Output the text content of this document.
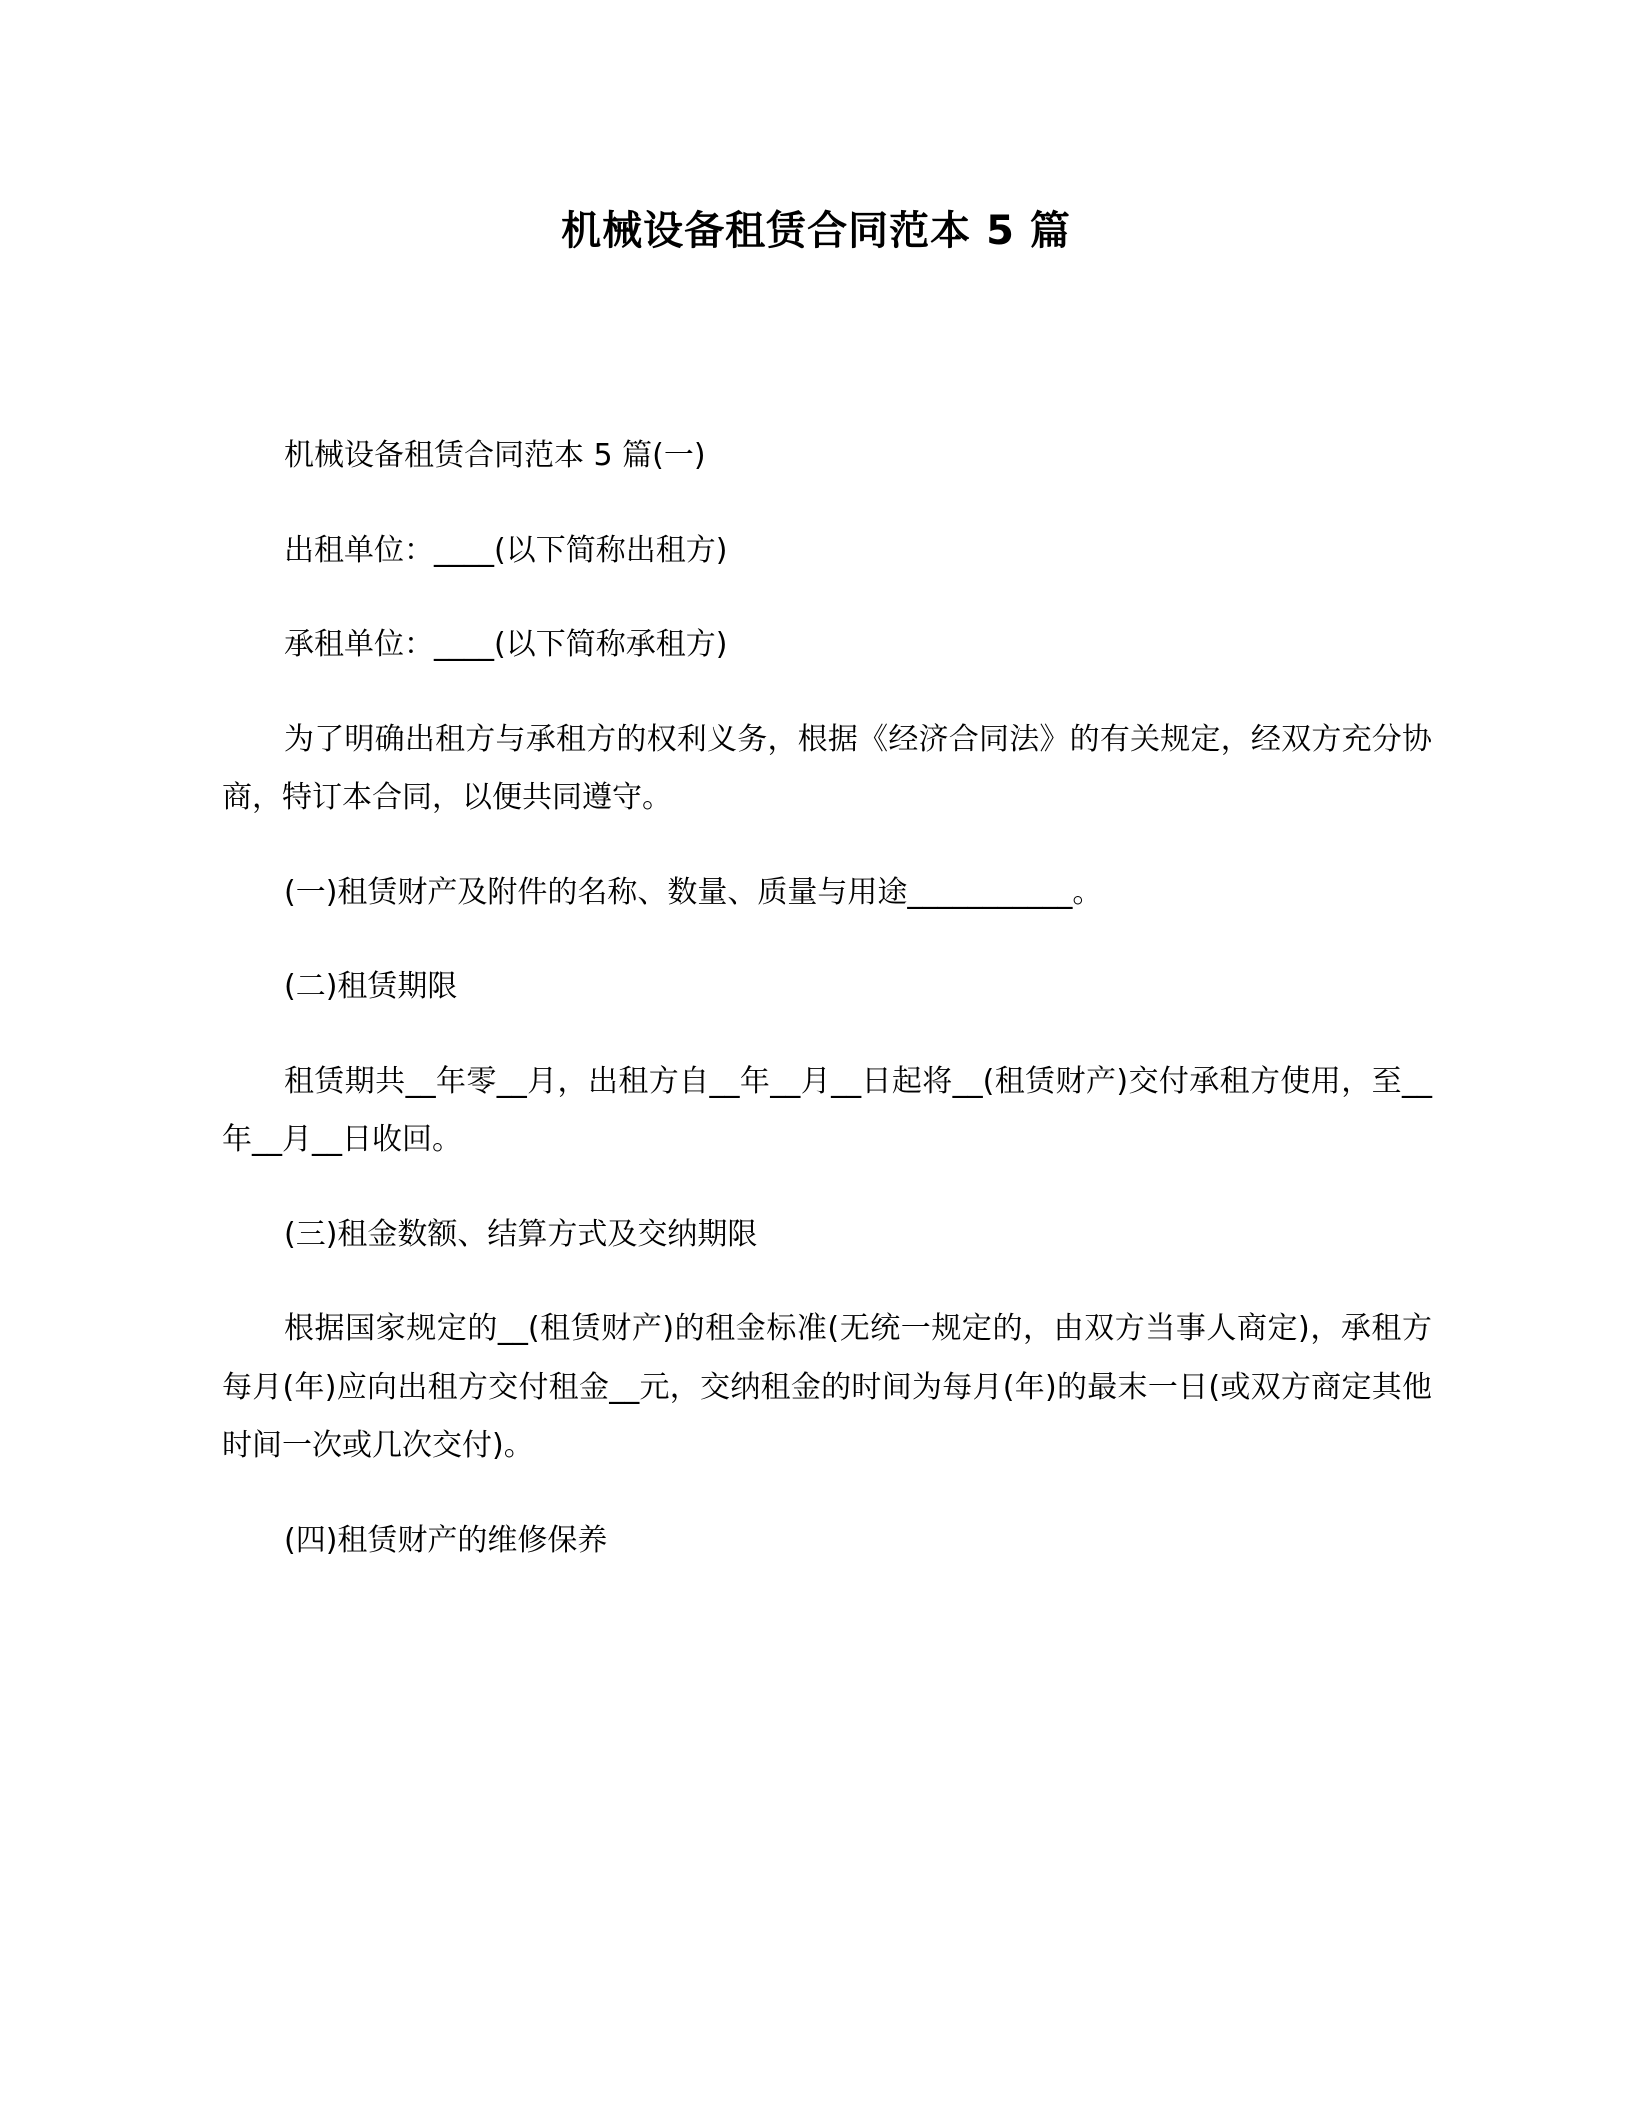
机械设备租赁合同范本 5 篇

机械设备租赁合同范本 5 篇(一)

出租单位：____(以下简称出租方)

承租单位：____(以下简称承租方)

为了明确出租方与承租方的权利义务，根据《经济合同法》的有关规定，经双方充分协商，特订本合同，以便共同遵守。

(一)租赁财产及附件的名称、数量、质量与用途___________。

(二)租赁期限

租赁期共__年零__月，出租方自__年__月__日起将__(租赁财产)交付承租方使用，至__年__月__日收回。

(三)租金数额、结算方式及交纳期限

根据国家规定的__(租赁财产)的租金标准(无统一规定的，由双方当事人商定)，承租方每月(年)应向出租方交付租金__元，交纳租金的时间为每月(年)的最末一日(或双方商定其他时间一次或几次交付)。

(四)租赁财产的维修保养
